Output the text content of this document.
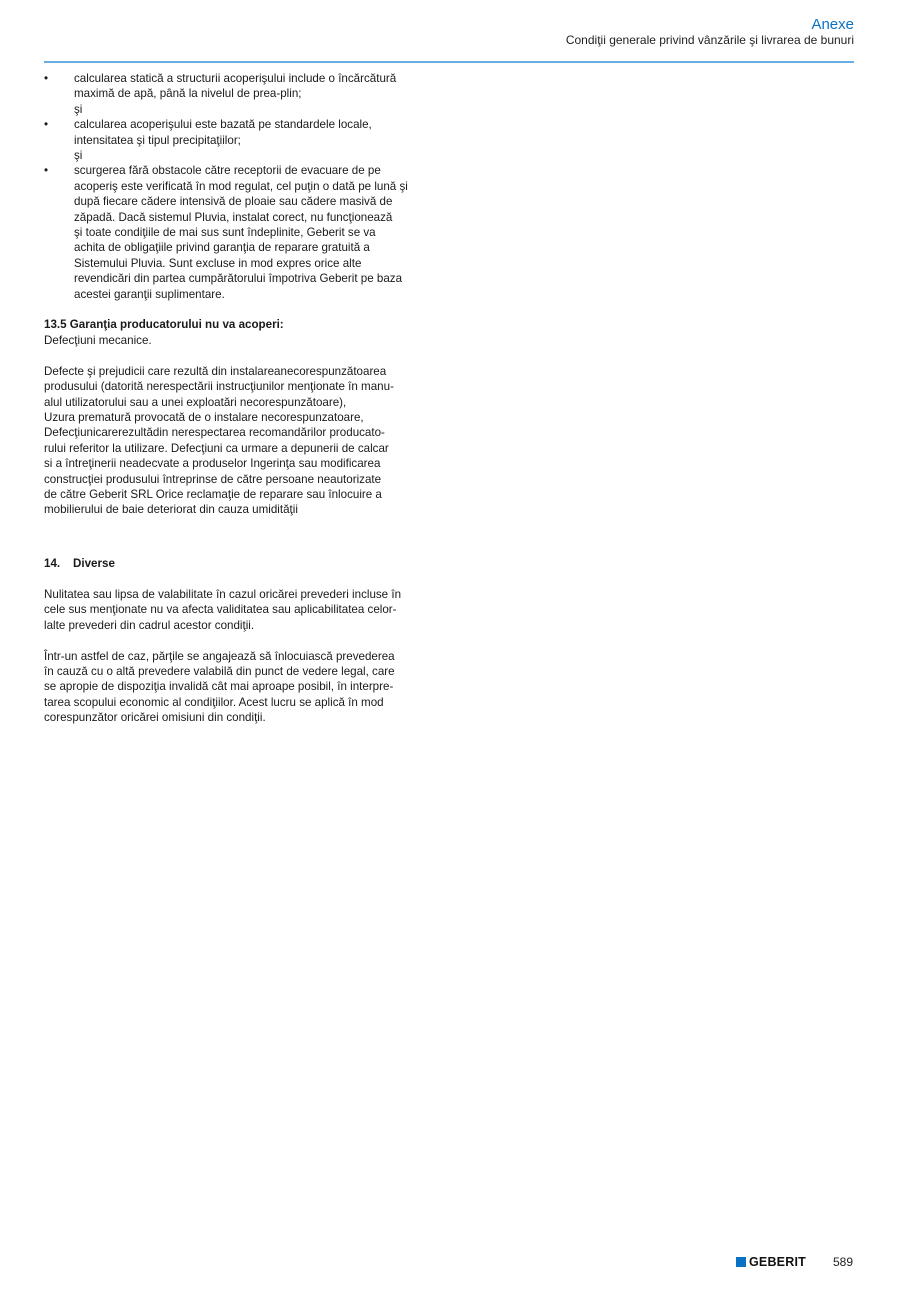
Anexe
Condiţii generale privind vânzările şi livrarea de bunuri
• calcularea statică a structurii acoperişului include o încărcătură
maximă de apă, până la nivelul de prea-plin;
şi
• calcularea acoperişului este bazată pe standardele locale,
intensitatea şi tipul precipitaţiilor;
şi
• scurgerea fără obstacole către receptorii de evacuare de pe
acoperiş este verificată în mod regulat, cel puţin o dată pe lună şi
după fiecare cădere intensivă de ploaie sau cădere masivă de
zăpadă. Dacă sistemul Pluvia, instalat corect, nu funcţionează
şi toate condiţiile de mai sus sunt îndeplinite, Geberit se va
achita de obligaţiile privind garanţia de reparare gratuită a
Sistemului Pluvia. Sunt excluse in mod expres orice alte
revendicări din partea cumpărătorului împotriva Geberit pe baza
acestei garanţii suplimentare.
13.5 Garanţia producatorului nu va acoperi:
Defecţiuni mecanice.
Defecte şi prejudicii care rezultă din instalareanecorespunzătoarea
produsului (datorită nerespectării instrucţiunilor menţionate în manu-
alul utilizatorului sau a unei exploatări necorespunzătoare),
Uzura prematură provocată de o instalare necorespunzatoare,
Defecţiunicarerezultădin nerespectarea recomandărilor producato-
rului referitor la utilizare. Defecţiuni ca urmare a depunerii de calcar
si a întreţinerii neadecvate a produselor Ingerinţa sau modificarea
construcţiei produsului întreprinse de către persoane neautorizate
de către Geberit SRL Orice reclamaţie de reparare sau înlocuire a
mobilierului de baie deteriorat din cauza umidităţii
14.    Diverse
Nulitatea sau lipsa de valabilitate în cazul oricărei prevederi incluse în
cele sus menţionate nu va afecta validitatea sau aplicabilitatea celor-
lalte prevederi din cadrul acestor condiţii.
Într-un astfel de caz, părţile se angajează să înlocuiască prevederea
în cauză cu o altă prevedere valabilă din punct de vedere legal, care
se apropie de dispoziţia invalidă cât mai aproape posibil, în interpre-
tarea scopului economic al condiţiilor. Acest lucru se aplică în mod
corespunzător oricărei omisiuni din condiţii.
GEBERIT 589
